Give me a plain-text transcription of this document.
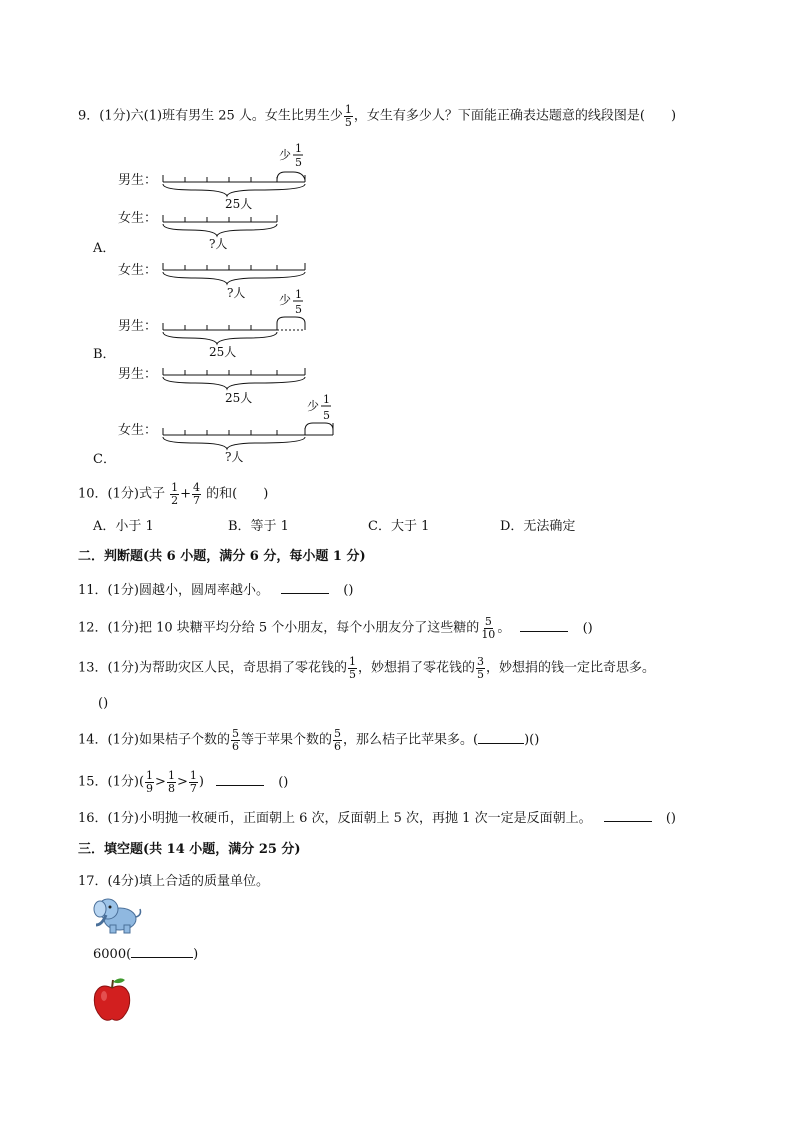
9．(1分)六(1)班有男生 25 人。女生比男生少 $\frac{1}{5}$ ，女生有多少人？下面能正确表达题意的线段图是(　　)
男生：
女生：
A．
少 1
5
25人
?人
女生：
男生：
B．
?人	少 1
5
25人
男生：
女生：
C．
25人
少 1
5
?人
10．(1分)式子 $\frac{1}{2} + \frac{4}{7}$ 的和(　　)
A．小于 1	B．等于 1	C．大于 1	D．无法确定
二．判断题(共 6 小题，满分 6 分，每小题 1 分)
11．(1分)圆越小，圆周率越小。	()
12．(1分)把 10 块糖平均分给 5 个小朋友，每个小朋友分了这些糖的 $\frac{5}{10}$ 。	()
13．(1分)为帮助灾区人民，奇思捐了零花钱的 $\frac{1}{5}$ ，妙想捐了零花钱的 $\frac{3}{5}$ ，妙想捐的钱一定比奇思多。
()
14．(1分)如果桔子个数的 $\frac{5}{6}$ 等于苹果个数的 $\frac{5}{6}$ ，那么桔子比苹果多。(	)()
15．(1分)( $\frac{1}{9} > \frac{1}{8} > \frac{1}{7}$ )	()
16．(1分)小明抛一枚硬币，正面朝上 6 次，反面朝上 5 次，再抛 1 次一定是反面朝上。	()
三．填空题(共 14 小题，满分 25 分)
17．(4分)填上合适的质量单位。
6000(	)
